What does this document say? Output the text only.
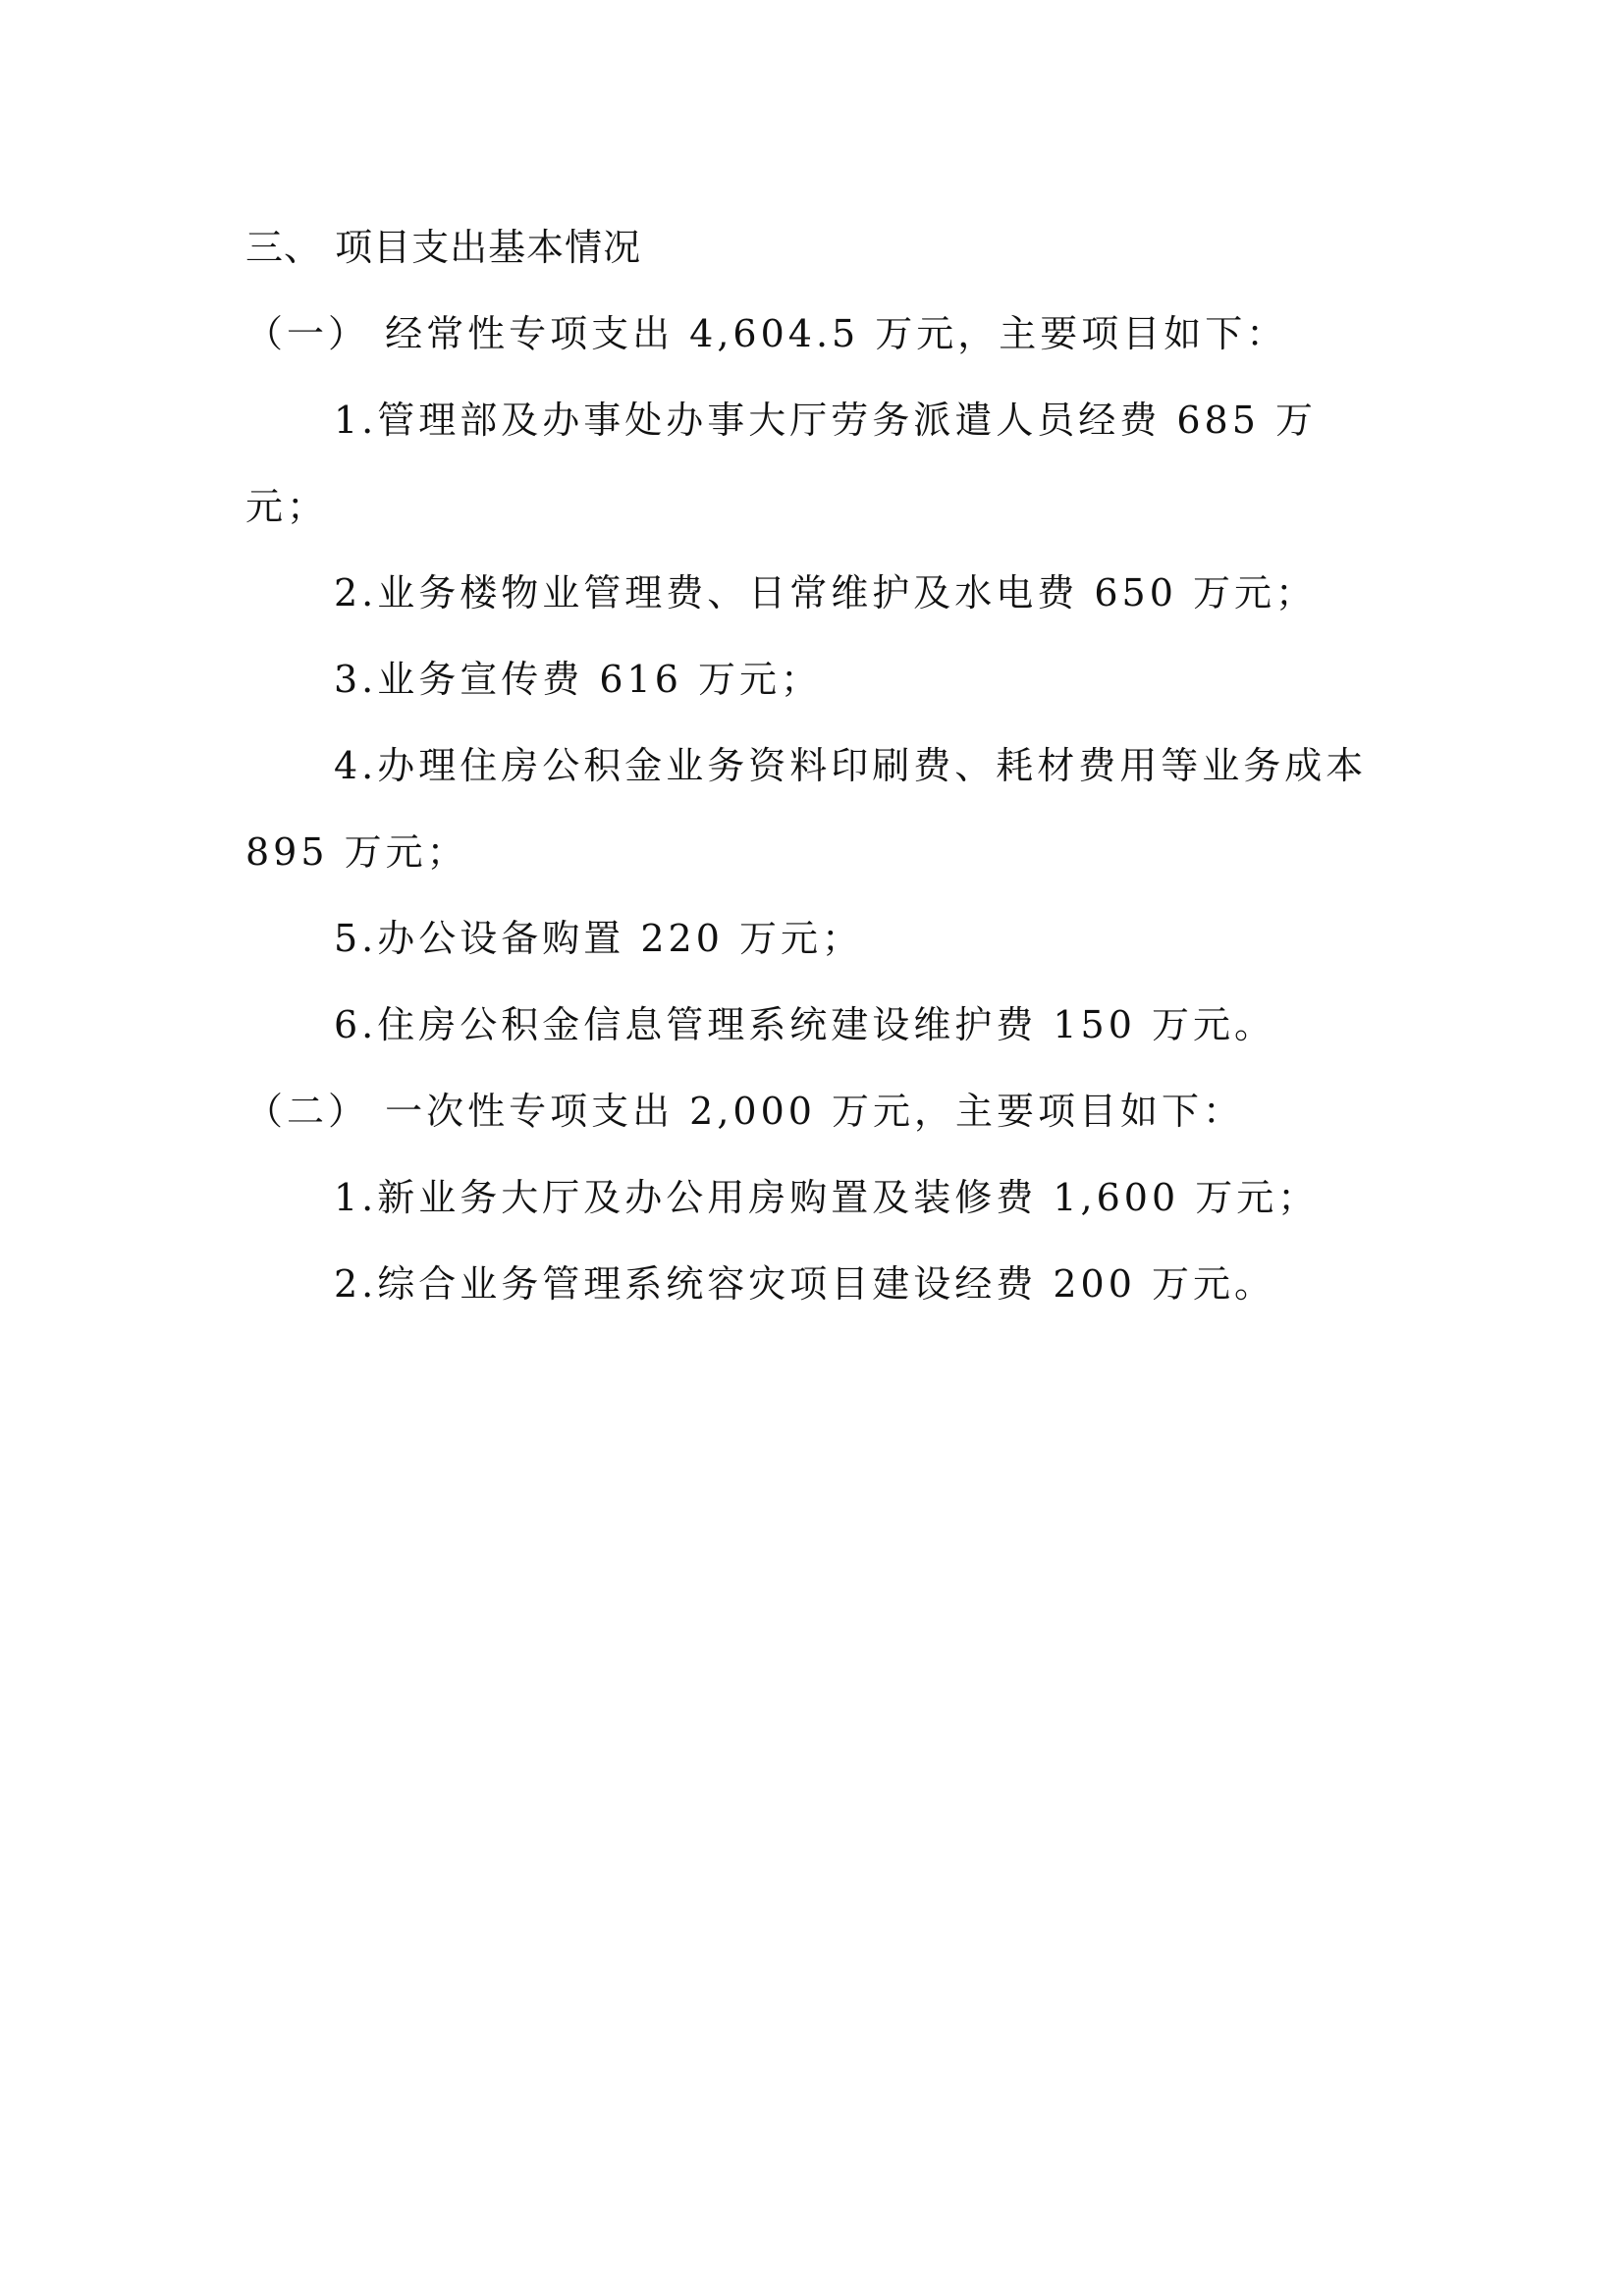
三、 项目支出基本情况

（一） 经常性专项支出 4,604.5 万元，主要项目如下：

1.管理部及办事处办事大厅劳务派遣人员经费 685 万元；

2.业务楼物业管理费、日常维护及水电费 650 万元；

3.业务宣传费 616 万元；

4.办理住房公积金业务资料印刷费、耗材费用等业务成本 895 万元；

5.办公设备购置 220 万元；

6.住房公积金信息管理系统建设维护费 150 万元。

（二） 一次性专项支出 2,000 万元，主要项目如下：

1.新业务大厅及办公用房购置及装修费 1,600 万元；

2.综合业务管理系统容灾项目建设经费 200 万元。
